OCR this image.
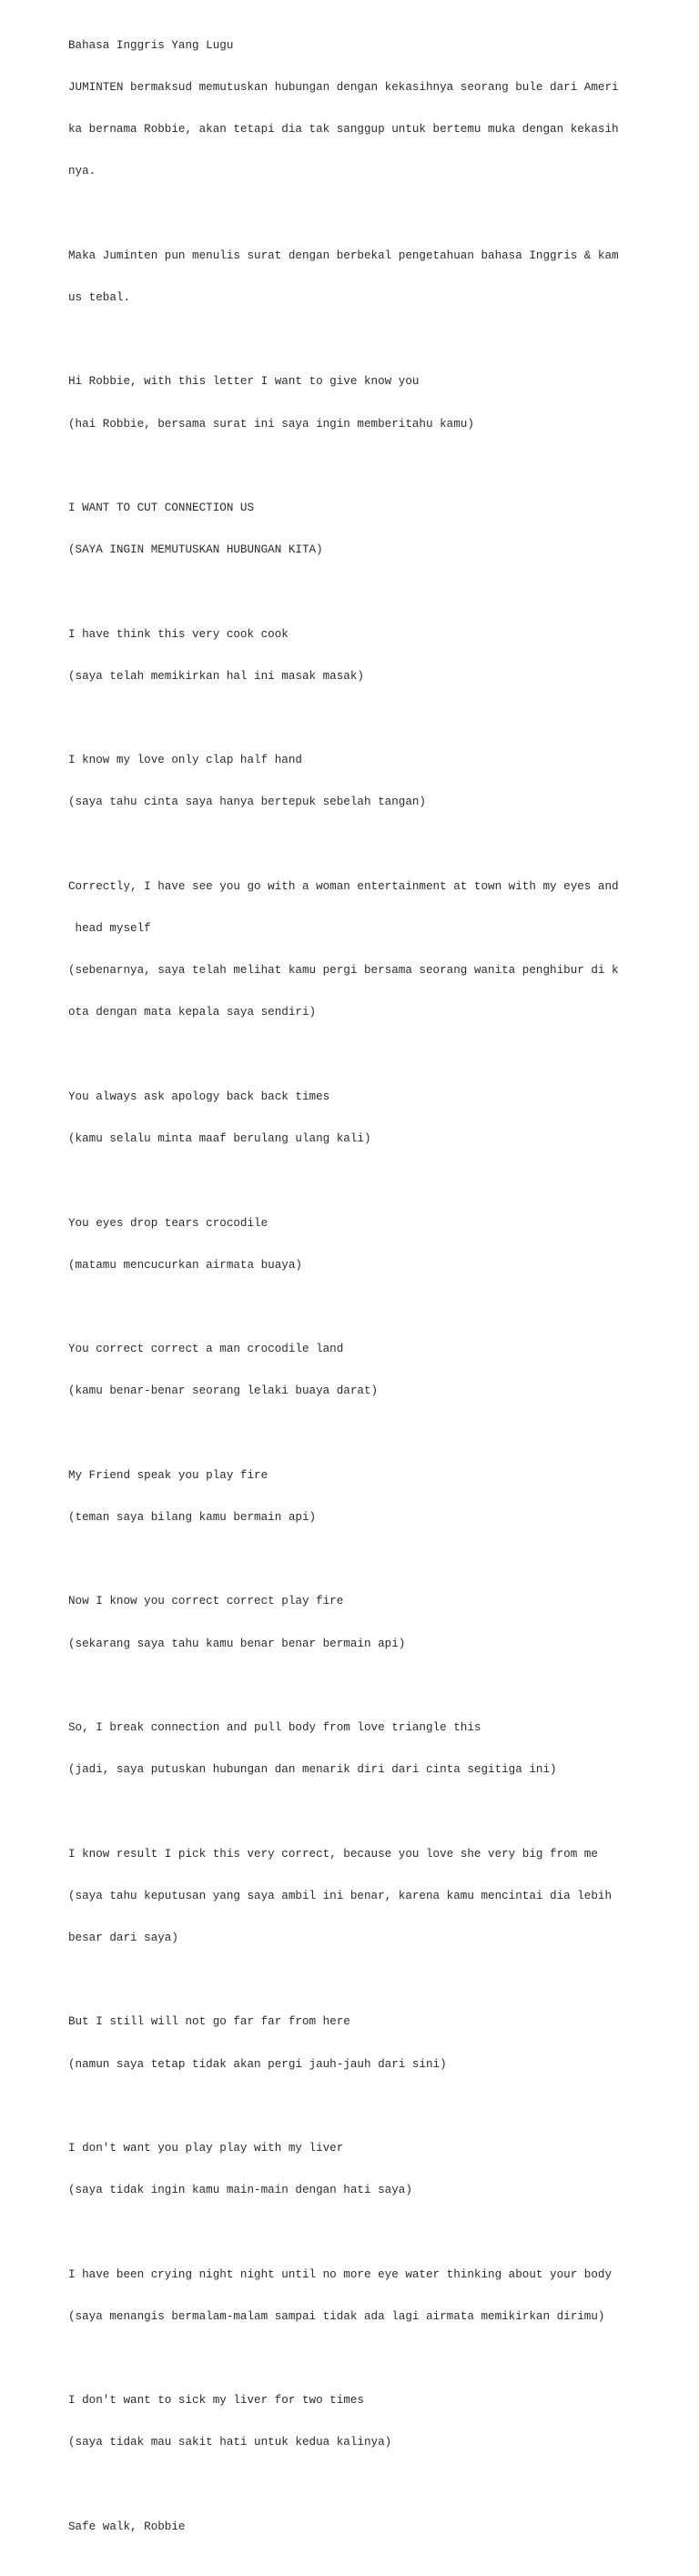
Bahasa Inggris Yang Lugu

JUMINTEN bermaksud memutuskan hubungan dengan kekasihnya seorang bule dari Ameri

ka bernama Robbie, akan tetapi dia tak sanggup untuk bertemu muka dengan kekasih

nya.

Maka Juminten pun menulis surat dengan berbekal pengetahuan bahasa Inggris & kam

us tebal.

Hi Robbie, with this letter I want to give know you

(hai Robbie, bersama surat ini saya ingin memberitahu kamu)

I WANT TO CUT CONNECTION US

(SAYA INGIN MEMUTUSKAN HUBUNGAN KITA)

I have think this very cook cook

(saya telah memikirkan hal ini masak masak)

I know my love only clap half hand

(saya tahu cinta saya hanya bertepuk sebelah tangan)

Correctly, I have see you go with a woman entertainment at town with my eyes and

head myself

(sebenarnya, saya telah melihat kamu pergi bersama seorang wanita penghibur di k

ota dengan mata kepala saya sendiri)

You always ask apology back back times

(kamu selalu minta maaf berulang ulang kali)

You eyes drop tears crocodile

(matamu mencucurkan airmata buaya)

You correct correct a man crocodile land

(kamu benar-benar seorang lelaki buaya darat)

My Friend speak you play fire

(teman saya bilang kamu bermain api)

Now I know you correct correct play fire

(sekarang saya tahu kamu benar benar bermain api)

So, I break connection and pull body from love triangle this

(jadi, saya putuskan hubungan dan menarik diri dari cinta segitiga ini)

I know result I pick this very correct, because you love she very big from me

(saya tahu keputusan yang saya ambil ini benar, karena kamu mencintai dia lebih

besar dari saya)

But I still will not go far far from here

(namun saya tetap tidak akan pergi jauh-jauh dari sini)

I don't want you play play with my liver

(saya tidak ingin kamu main-main dengan hati saya)

I have been crying night night until no more eye water thinking about your body

(saya menangis bermalam-malam sampai tidak ada lagi airmata memikirkan dirimu)

I don't want to sick my liver for two times

(saya tidak mau sakit hati untuk kedua kalinya)

Safe walk, Robbie
